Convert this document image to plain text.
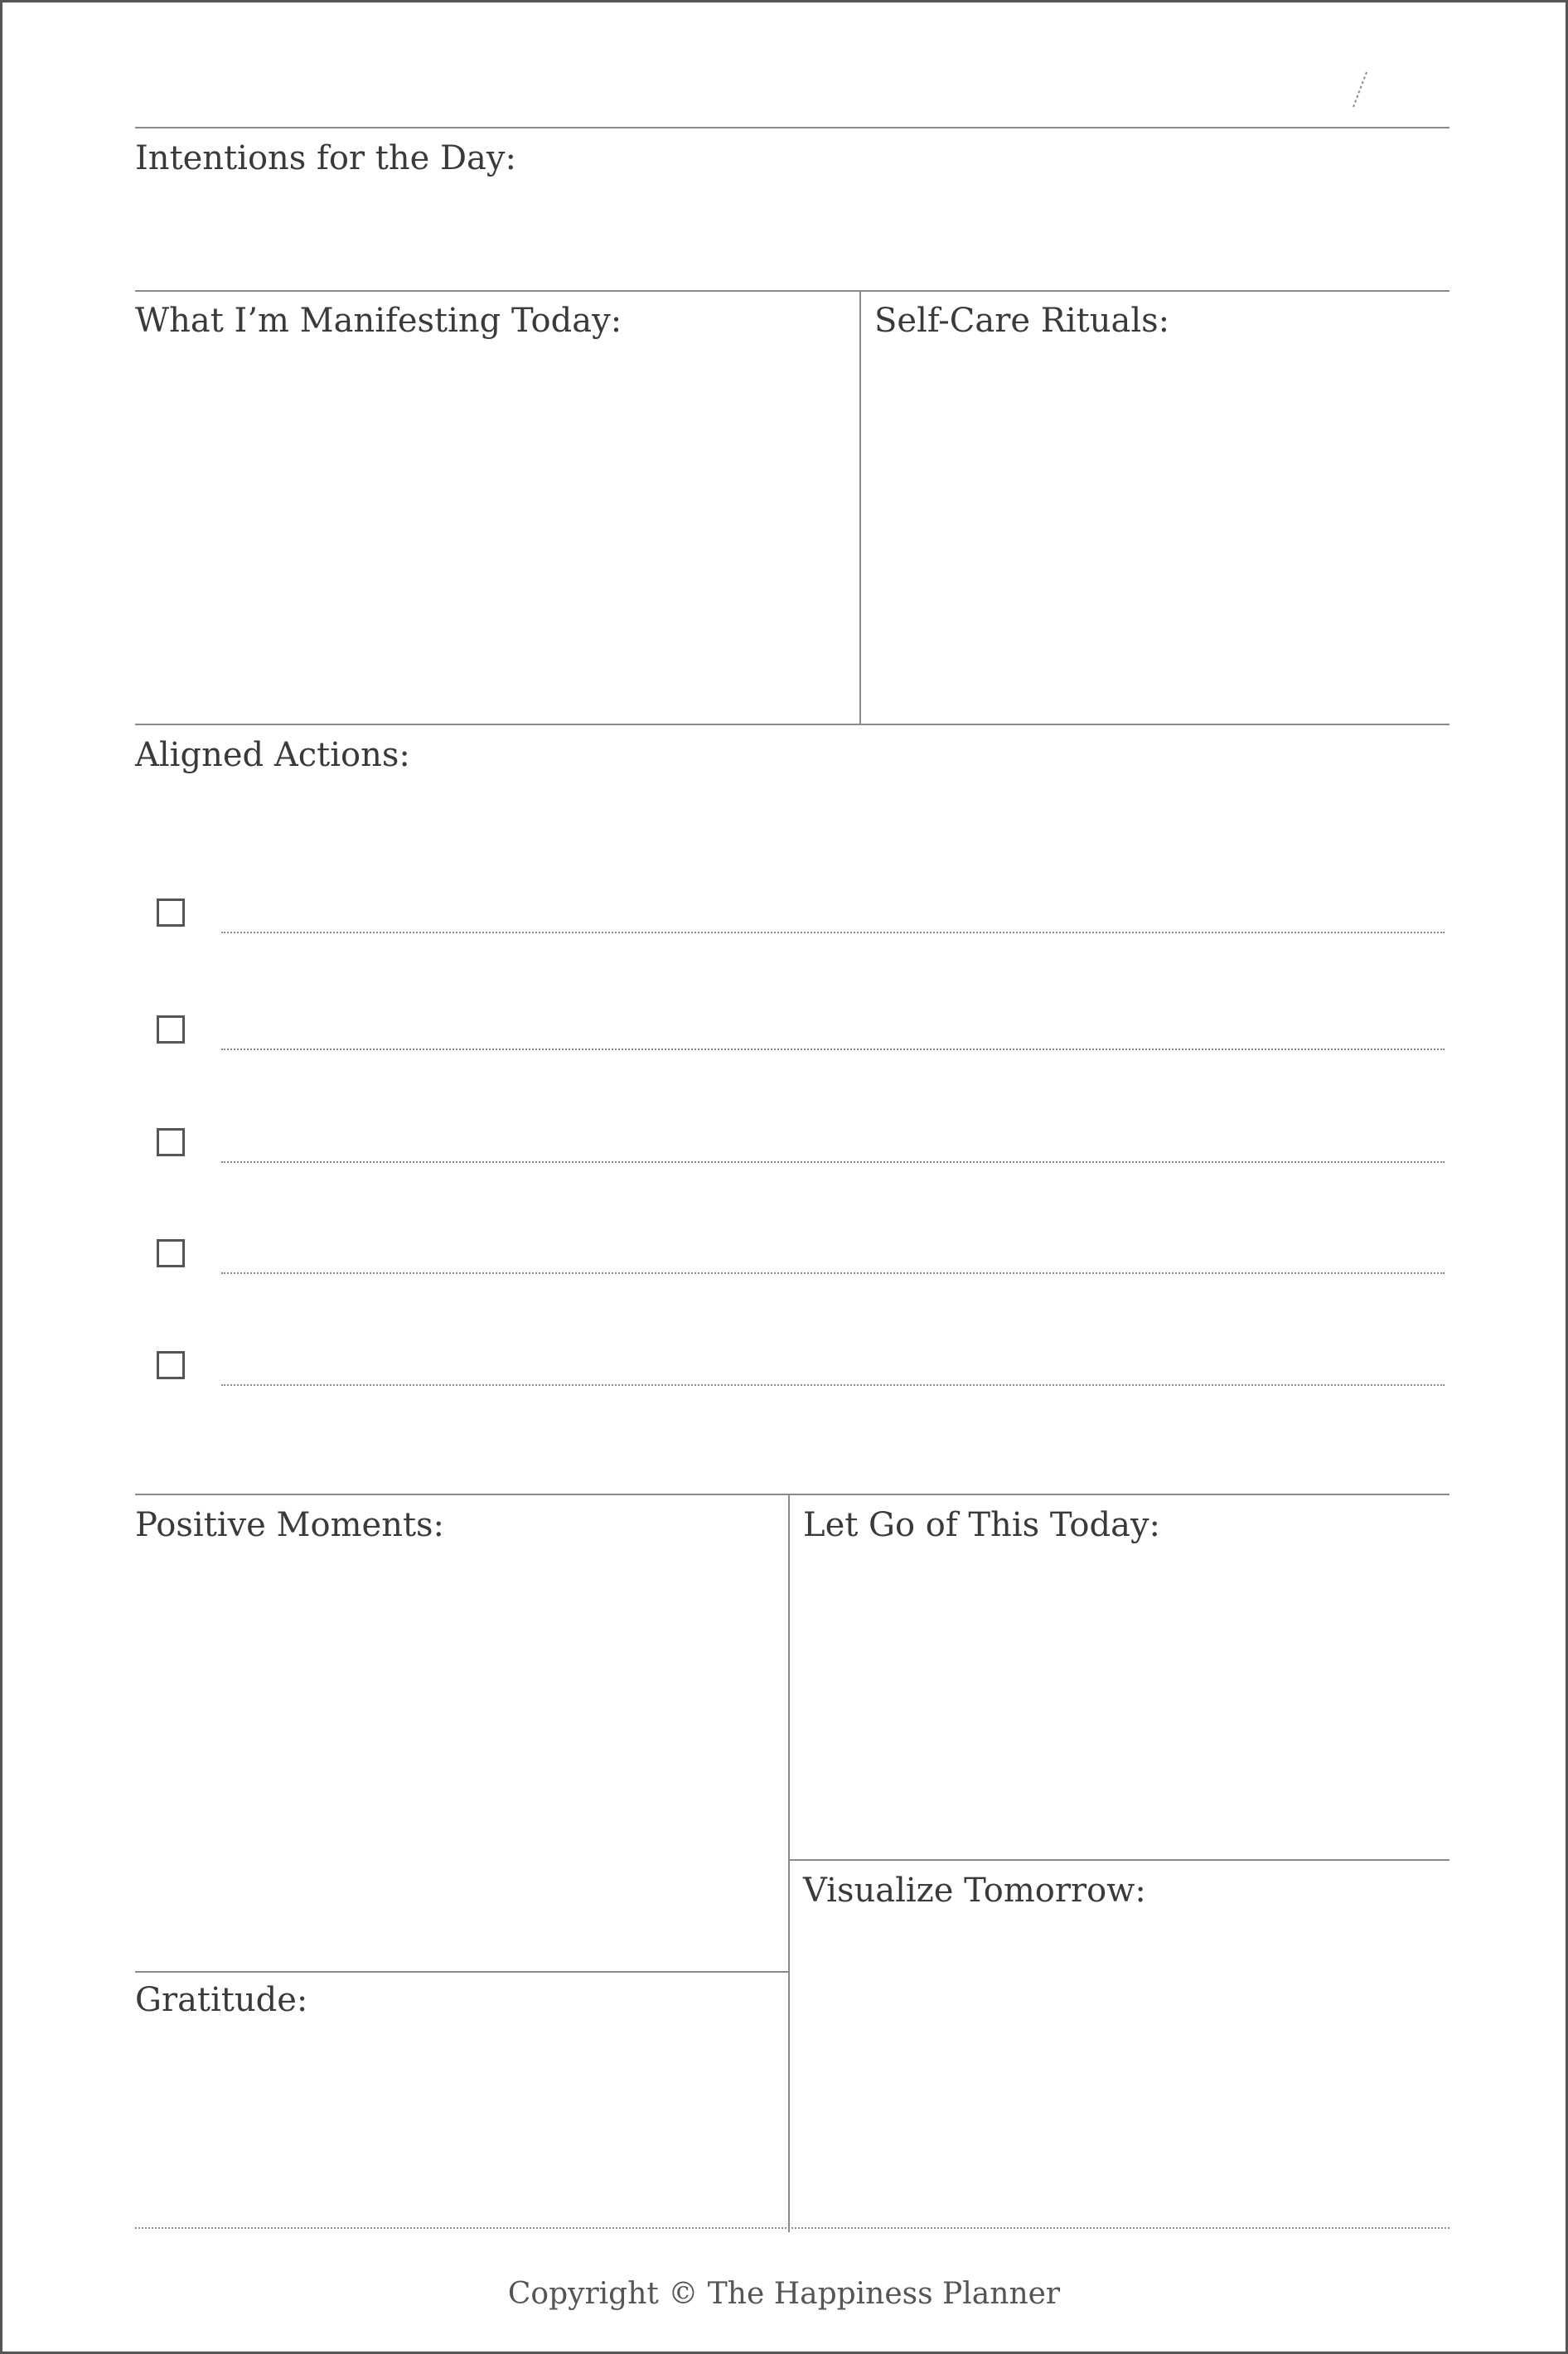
Intentions for the Day:
What I’m Manifesting Today:	Self-Care Rituals:
Aligned Actions:
Positive Moments:	Let Go of This Today:
Visualize Tomorrow:
Gratitude:
Copyright © The Happiness Planner
